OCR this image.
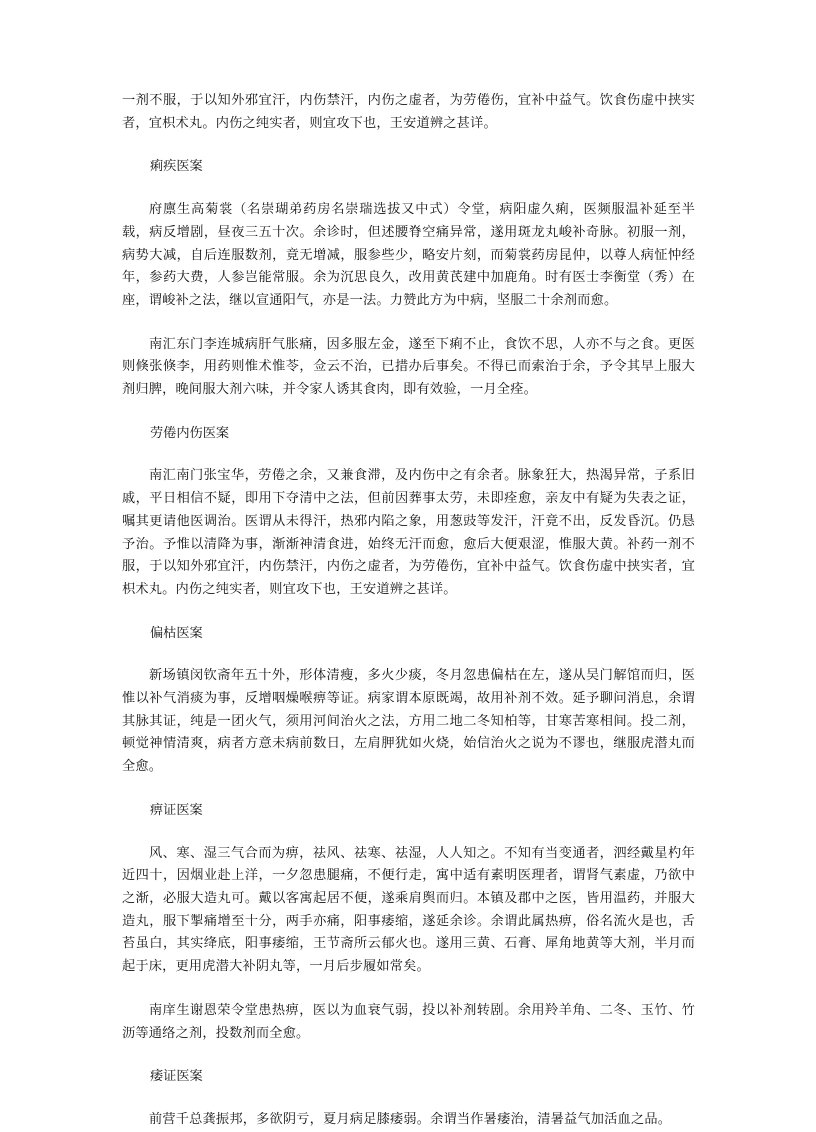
一剂不服，于以知外邪宜汗，内伤禁汗，内伤之虚者，为劳倦伤，宜补中益气。饮食伤虚中挟实者，宜枳术丸。内伤之纯实者，则宜攻下也，王安道辨之甚详。

痢疾医案

府廪生高菊裳（名崇瑚弟药房名崇瑞选拔又中式）令堂，病阳虚久痢，医频服温补延至半载，病反增剧，昼夜三五十次。余诊时，但述腰脊空痛异常，遂用斑龙丸峻补奇脉。初服一剂，病势大减，自后连服数剂，竟无增减，服参些少，略安片刻，而菊裳药房昆仲，以尊人病怔忡经年，参药大费，人参岂能常服。余为沉思良久，改用黄芪建中加鹿角。时有医士李衡堂（秀）在座，谓峻补之法，继以宣通阳气，亦是一法。力赞此方为中病，坚服二十余剂而愈。

南汇东门李连城病肝气胀痛，因多服左金，遂至下痢不止，食饮不思，人亦不与之食。更医则倏张倏李，用药则惟术惟苓，佥云不治，已措办后事矣。不得已而索治于余，予令其早上服大剂归脾，晚间服大剂六味，并令家人诱其食肉，即有效验，一月全痊。

劳倦内伤医案

南汇南门张宝华，劳倦之余，又兼食滞，及内伤中之有余者。脉象狂大，热渴异常，子系旧戚，平日相信不疑，即用下夺清中之法，但前因葬事太劳，未即痊愈，亲友中有疑为失表之证，嘱其更请他医调治。医谓从未得汗，热邪内陷之象，用葱豉等发汗，汗竟不出，反发昏沉。仍恳予治。予惟以清降为事，渐渐神清食进，始终无汗而愈，愈后大便艰涩，惟服大黄。补药一剂不服，于以知外邪宜汗，内伤禁汗，内伤之虚者，为劳倦伤，宜补中益气。饮食伤虚中挟实者，宜枳术丸。内伤之纯实者，则宜攻下也，王安道辨之甚详。

偏枯医案

新场镇闵钦斋年五十外，形体清瘦，多火少痰，冬月忽患偏枯在左，遂从吴门解馆而归，医惟以补气消痰为事，反增咽燥喉痹等证。病家谓本原既竭，故用补剂不效。延予聊问消息，余谓其脉其证，纯是一团火气，须用河间治火之法，方用二地二冬知柏等，甘寒苦寒相间。投二剂，顿觉神情清爽，病者方意未病前数日，左肩胛犹如火烧，始信治火之说为不谬也，继服虎潜丸而全愈。

痹证医案

风、寒、湿三气合而为痹，祛风、祛寒、祛湿，人人知之。不知有当变通者，泗经戴星杓年近四十，因烟业赴上洋，一夕忽患腿痛，不便行走，寓中适有素明医理者，谓肾气素虚，乃欲中之渐，必服大造丸可。戴以客寓起居不便，遂乘肩舆而归。本镇及郡中之医，皆用温药，并服大造丸，服下掣痛增至十分，两手亦痛，阳事痿缩，遂延余诊。余谓此属热痹，俗名流火是也，舌苔虽白，其实绛底，阳事痿缩，王节斋所云郁火也。遂用三黄、石膏、犀角地黄等大剂，半月而起于床，更用虎潜大补阴丸等，一月后步履如常矣。

南庠生谢恩荣令堂患热痹，医以为血衰气弱，投以补剂转剧。余用羚羊角、二冬、玉竹、竹沥等通络之剂，投数剂而全愈。

痿证医案

前营千总龚振邦，多欲阴亏，夏月病足膝痿弱。余谓当作暑痿治，清暑益气加活血之品。
